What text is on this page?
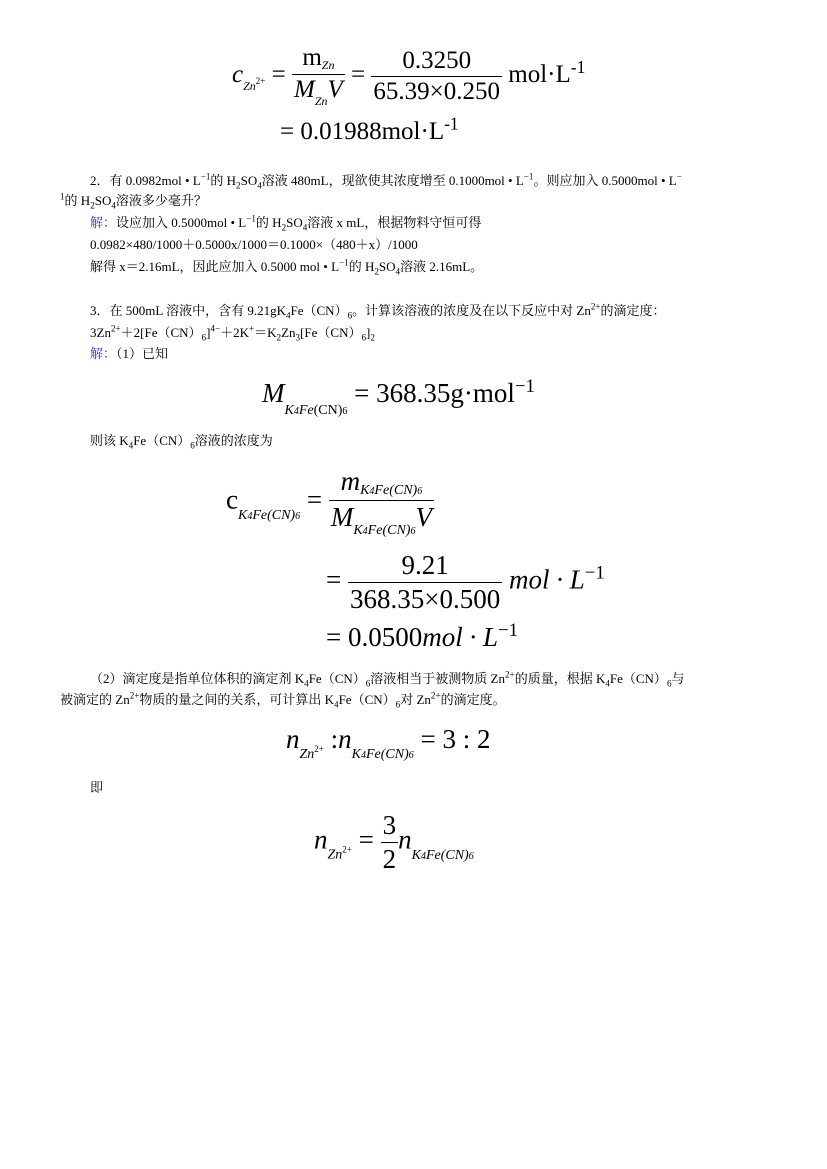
$c_{Zn}2+ = \frac{\text{mZn}}{M_{Zn}V} = \frac{0.3250}{65.39\times 0.250} mol\cdot L^{-1}$
= $0.01988mol\cdot L^{-1}$
2．有 0.0982mol • $L^{-1}$的 $H_2SO_4$溶液 480mL，现欲使其浓度增至 0.1000mol • $L^{-1}$。则应加入 0.5000mol • L−
$^1$的 $H_2SO_4$溶液多少毫升？
解：设应加入 0.5000mol • $L^{-1}$的 $H_2SO_4$溶液 x mL，根据物料守恒可得
0.0982×480/1000＋0.5000x/1000＝0.1000×（480＋x）/1000
解得 x＝2.16mL，因此应加入 0.5000 mol • $L^{-1}$的 $H_2SO_4$溶液 2.16mL。
3．在 500mL 溶液中，含有 $9.21gK_4Fe(CN)_6$。计算该溶液的浓度及在以下反应中对 $Zn^{2+}$的滴定度：
$3Zn^{2+}+2[Fe(CN)_6]^{4-}+2K^+=K_2Zn_3[Fe(CN)_6]_2$
解：（1）已知
$M_{K4Fe(CN)6} = 368.35g\cdot mol^{-1}$
则该 $K_4Fe(CN)_6$溶液的浓度为
$c_{K4Fe(CN)6} = \frac{mK4Fe(CN)6}{M_{K4Fe(CN)6}V}$
= $\frac{9.21}{368.35\times 0.500}$ mol · $L^{-1}$
= $0.0500mol \cdot L^{-1}$
（2）滴定度是指单位体积的滴定剂 $K_4Fe(CN)_6$溶液相当于被测物质 $Zn^{2+}$的质量，根据 $K_4Fe(CN)_6$与
被滴定的 $Zn^{2+}$物质的量之间的关系，可计算出 $K_4Fe(CN)_6$对 $Zn^{2+}$的滴定度。
$n_{Zn}2+$ $:n_{K4Fe(CN)6} = 3$ : 2
即
$n_{Zn}2+ = \frac{3}{2} n_{K4Fe(CN)6}$
